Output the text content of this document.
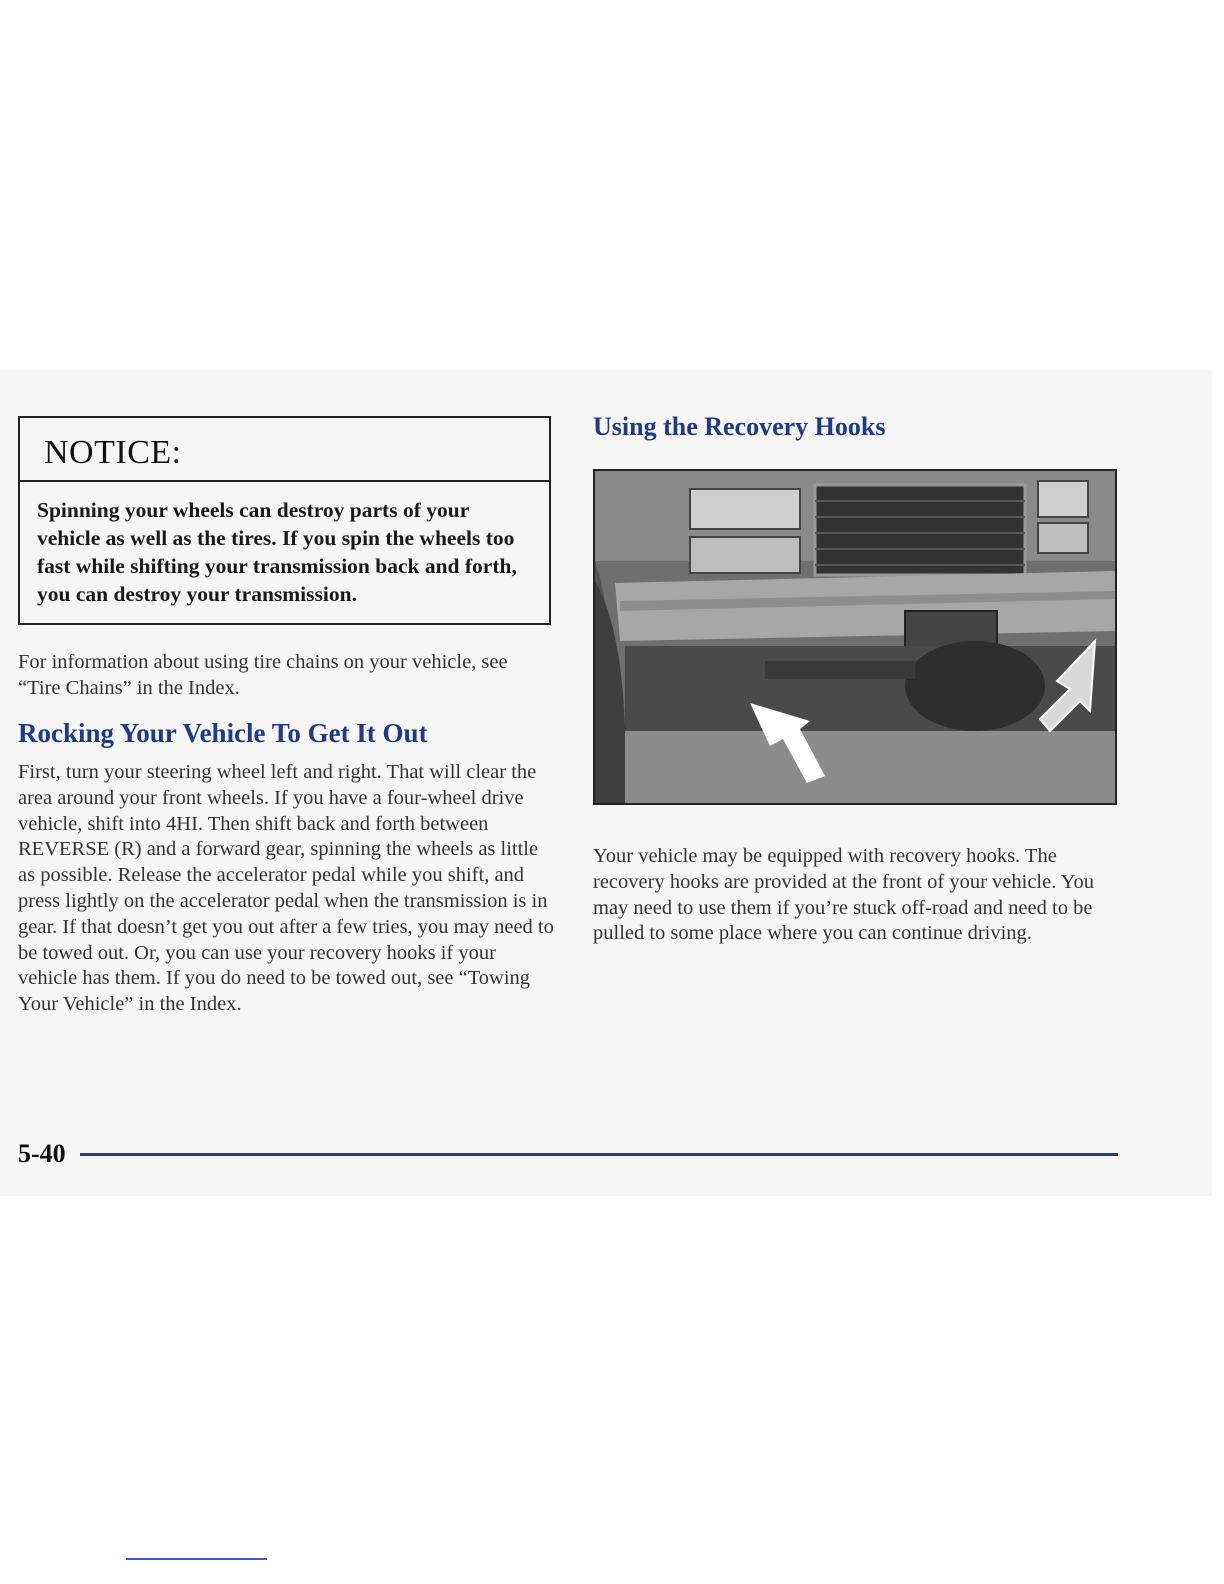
NOTICE:
Spinning your wheels can destroy parts of your vehicle as well as the tires. If you spin the wheels too fast while shifting your transmission back and forth, you can destroy your transmission.
For information about using tire chains on your vehicle, see “Tire Chains” in the Index.
Rocking Your Vehicle To Get It Out
First, turn your steering wheel left and right. That will clear the area around your front wheels. If you have a four-wheel drive vehicle, shift into 4HI. Then shift back and forth between REVERSE (R) and a forward gear, spinning the wheels as little as possible. Release the accelerator pedal while you shift, and press lightly on the accelerator pedal when the transmission is in gear. If that doesn’t get you out after a few tries, you may need to be towed out. Or, you can use your recovery hooks if your vehicle has them. If you do need to be towed out, see “Towing Your Vehicle” in the Index.
Using the Recovery Hooks
Your vehicle may be equipped with recovery hooks. The recovery hooks are provided at the front of your vehicle. You may need to use them if you’re stuck off-road and need to be pulled to some place where you can continue driving.
5-40
